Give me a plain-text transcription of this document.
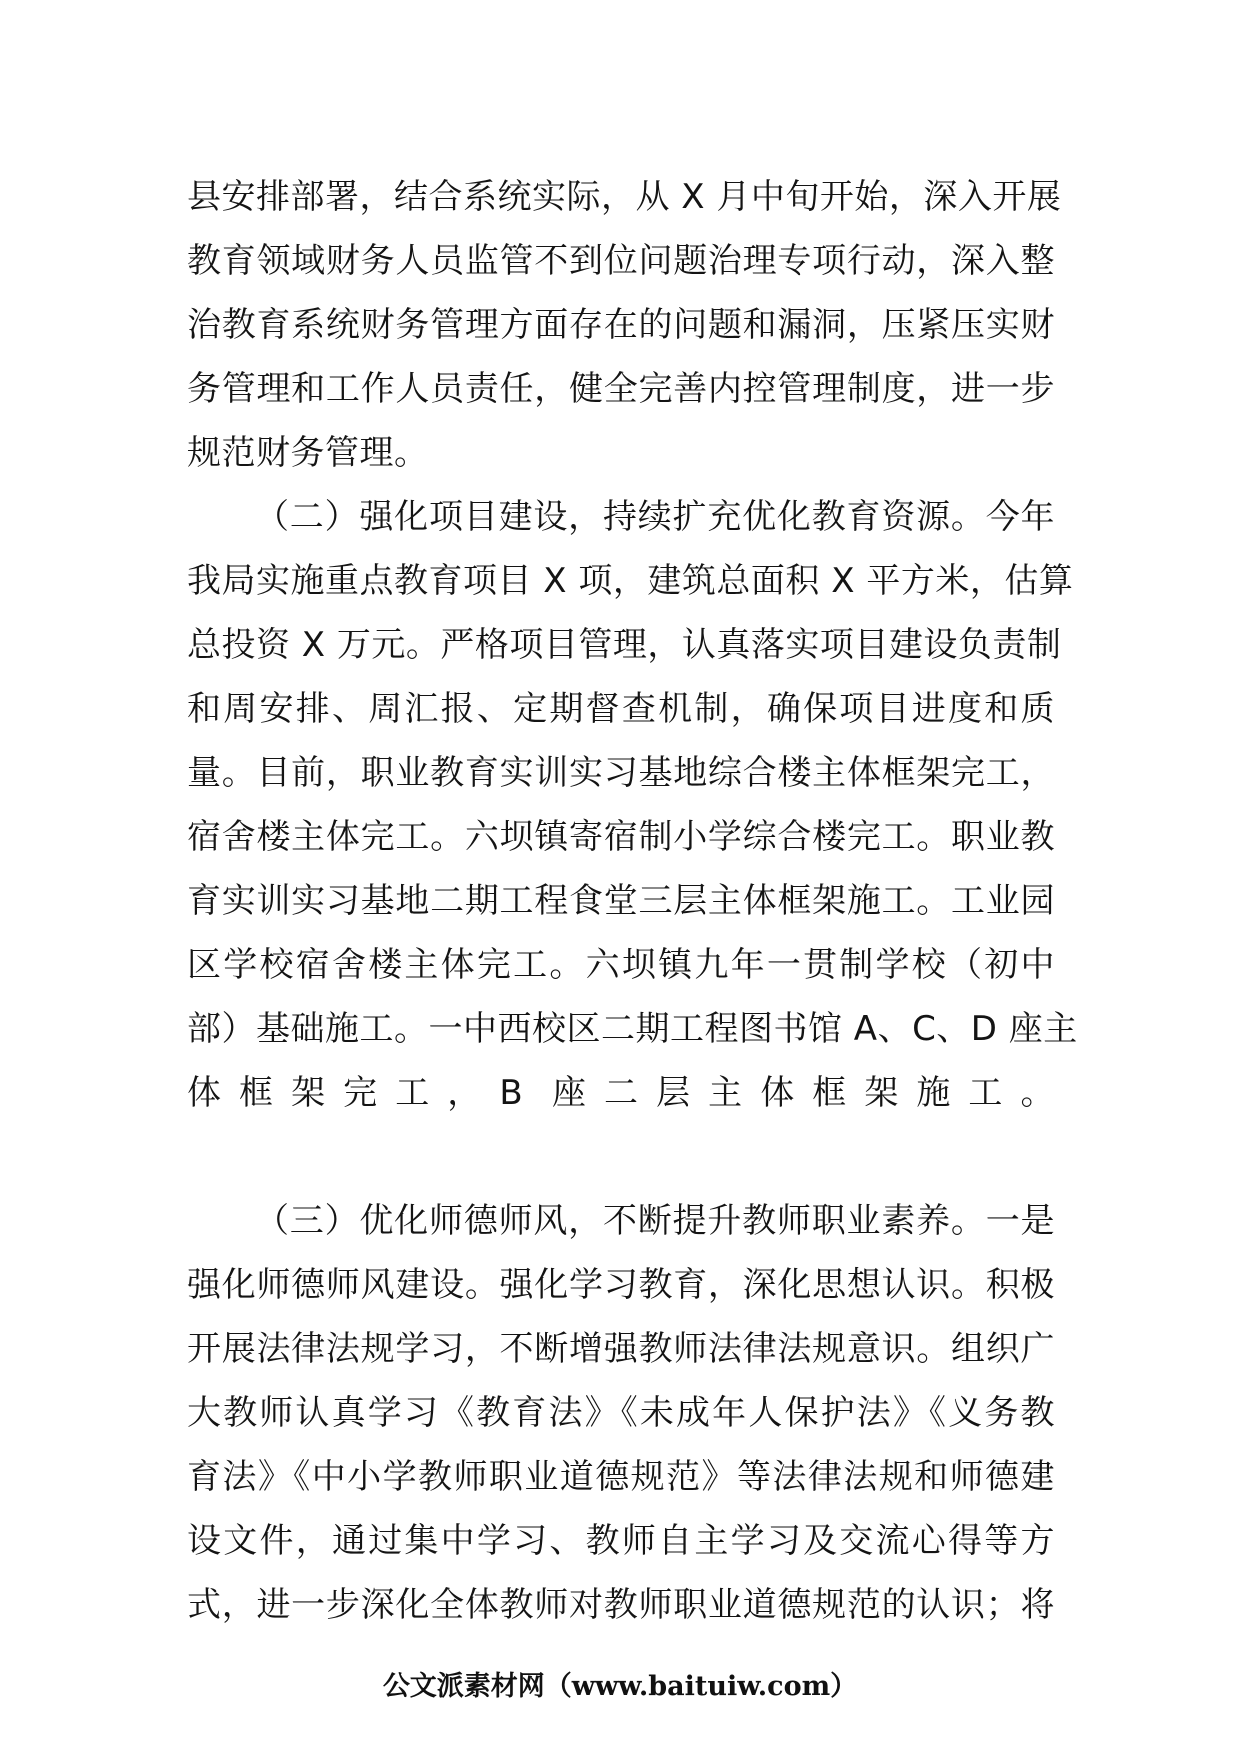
县安排部署，结合系统实际，从 X 月中旬开始，深入开展
教育领域财务人员监管不到位问题治理专项行动，深入整
治教育系统财务管理方面存在的问题和漏洞，压紧压实财
务管理和工作人员责任，健全完善内控管理制度，进一步
规范财务管理。
（二）强化项目建设，持续扩充优化教育资源。今年
我局实施重点教育项目 X 项，建筑总面积 X 平方米，估算
总投资 X 万元。严格项目管理，认真落实项目建设负责制
和周安排、周汇报、定期督查机制，确保项目进度和质
量。目前，职业教育实训实习基地综合楼主体框架完工，
宿舍楼主体完工。六坝镇寄宿制小学综合楼完工。职业教
育实训实习基地二期工程食堂三层主体框架施工。工业园
区学校宿舍楼主体完工。六坝镇九年一贯制学校（初中
部）基础施工。一中西校区二期工程图书馆 A、C、D 座主
体框架完工，B 座二层主体框架施工。
（三）优化师德师风，不断提升教师职业素养。一是
强化师德师风建设。强化学习教育，深化思想认识。积极
开展法律法规学习，不断增强教师法律法规意识。组织广
大教师认真学习《教育法》《未成年人保护法》《义务教
育法》《中小学教师职业道德规范》等法律法规和师德建
设文件，通过集中学习、教师自主学习及交流心得等方
式，进一步深化全体教师对教师职业道德规范的认识；将
公文派素材网（www.baituiw.com）
